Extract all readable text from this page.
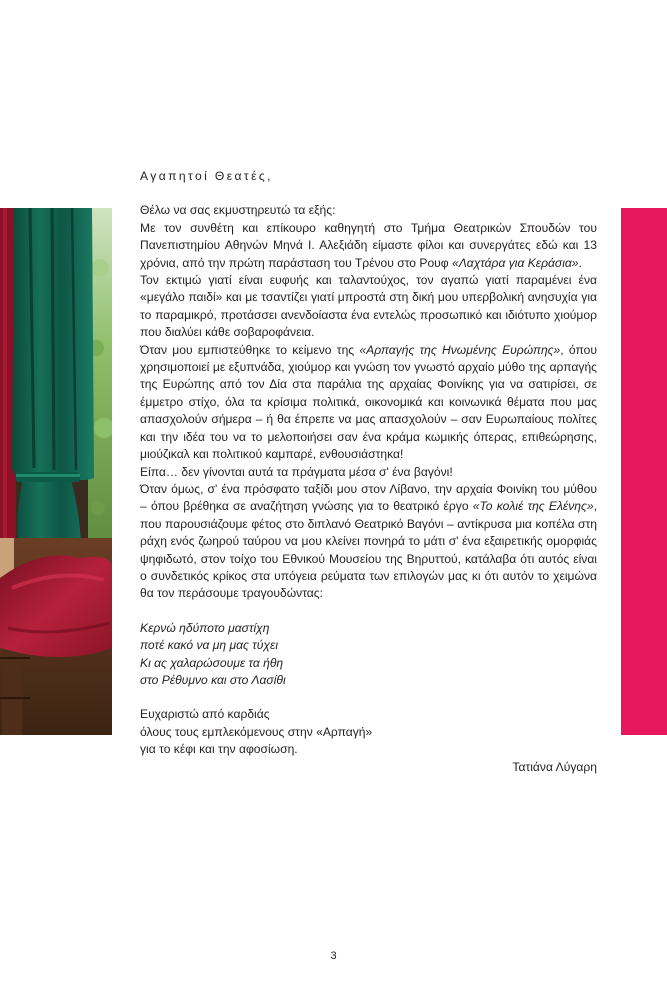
Αγαπητοί Θεατές,

Θέλω να σας εκμυστηρευτώ τα εξής:

Με τον συνθέτη και επίκουρο καθηγητή στο Τμήμα Θεατρικών Σπουδών του Πανεπιστημίου Αθηνών Μηνά Ι. Αλεξιάδη είμαστε φίλοι και συνεργάτες εδώ και 13 χρόνια, από την πρώτη παράσταση του Τρένου στο Ρουφ «Λαχτάρα για Κεράσια».

Τον εκτιμώ γιατί είναι ευφυής και ταλαντούχος, τον αγαπώ γιατί παραμένει ένα «μεγάλο παιδί» και με τσαντίζει γιατί μπροστά στη δική μου υπερβολική ανησυχία για το παραμικρό, προτάσσει ανενδοίαστα ένα εντελώς προσωπικό και ιδιότυπο χιούμορ που διαλύει κάθε σοβαροφάνεια.

Όταν μου εμπιστεύθηκε το κείμενο της «Αρπαγής της Ηνωμένης Ευρώπης», όπου χρησιμοποιεί με εξυπνάδα, χιούμορ και γνώση τον γνωστό αρχαίο μύθο της αρπαγής της Ευρώπης από τον Δία στα παράλια της αρχαίας Φοινίκης για να σατιρίσει, σε έμμετρο στίχο, όλα τα κρίσιμα πολιτικά, οικονομικά και κοινωνικά θέματα που μας απασχολούν σήμερα – ή θα έπρεπε να μας απασχολούν – σαν Ευρωπαίους πολίτες και την ιδέα του να το μελοποιήσει σαν ένα κράμα κωμικής όπερας, επιθεώρησης, μιούζικαλ και πολιτικού καμπαρέ, ενθουσιάστηκα!

Είπα… δεν γίνονται αυτά τα πράγματα μέσα σ' ένα βαγόνι!

Όταν όμως, σ' ένα πρόσφατο ταξίδι μου στον Λίβανο, την αρχαία Φοινίκη του μύθου – όπου βρέθηκα σε αναζήτηση γνώσης για το θεατρικό έργο «Το κολιέ της Ελένης», που παρουσιάζουμε φέτος στο διπλανό Θεατρικό Βαγόνι – αντίκρυσα μια κοπέλα στη ράχη ενός ζωηρού ταύρου να μου κλείνει πονηρά το μάτι σ' ένα εξαιρετικής ομορφιάς ψηφιδωτό, στον τοίχο του Εθνικού Μουσείου της Βηρυττού, κατάλαβα ότι αυτός είναι ο συνδετικός κρίκος στα υπόγεια ρεύματα των επιλογών μας κι ότι αυτόν το χειμώνα θα τον περάσουμε τραγουδώντας:

Κερνώ ηδύποτο μαστίχη
ποτέ κακό να μη μας τύχει
Κι ας χαλαρώσουμε τα ήθη
στο Ρέθυμνο και στο Λασίθι
Ευχαριστώ από καρδιάς
όλους τους εμπλεκόμενους στην «Αρπαγή»
για το κέφι και την αφοσίωση.

Τατιάνα Λύγαρη

3
